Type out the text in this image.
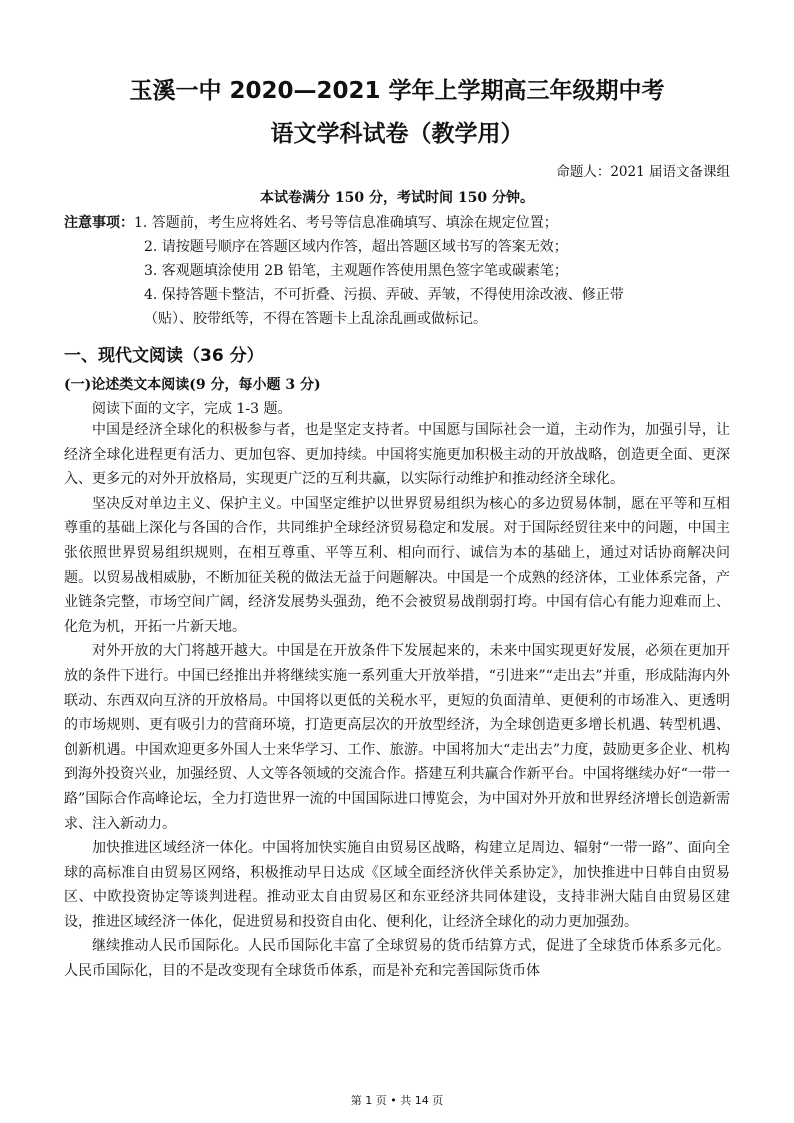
玉溪一中 2020—2021 学年上学期高三年级期中考
语文学科试卷（教学用）
命题人：2021 届语文备课组
本试卷满分 150 分，考试时间 150 分钟。
注意事项：1. 答题前，考生应将姓名、考号等信息准确填写、填涂在规定位置；
2. 请按题号顺序在答题区域内作答，超出答题区域书写的答案无效；
3. 客观题填涂使用 2B 铅笔，主观题作答使用黑色签字笔或碳素笔；
4. 保持答题卡整洁，不可折叠、污损、弄破、弄皱，不得使用涂改液、修正带
（贴）、胶带纸等，不得在答题卡上乱涂乱画或做标记。
一、现代文阅读（36 分）
(一)论述类文本阅读(9 分，每小题 3 分)
阅读下面的文字，完成 1-3 题。

中国是经济全球化的积极参与者，也是坚定支持者。中国愿与国际社会一道，主动作为，加强引导，让经济全球化进程更有活力、更加包容、更加持续。中国将实施更加积极主动的开放战略，创造更全面、更深入、更多元的对外开放格局，实现更广泛的互利共赢，以实际行动维护和推动经济全球化。

坚决反对单边主义、保护主义。中国坚定维护以世界贸易组织为核心的多边贸易体制，愿在平等和互相尊重的基础上深化与各国的合作，共同维护全球经济贸易稳定和发展。对于国际经贸往来中的问题，中国主张依照世界贸易组织规则，在相互尊重、平等互利、相向而行、诚信为本的基础上，通过对话协商解决问题。以贸易战相威胁，不断加征关税的做法无益于问题解决。中国是一个成熟的经济体，工业体系完备，产业链条完整，市场空间广阔，经济发展势头强劲，绝不会被贸易战削弱打垮。中国有信心有能力迎难而上、化危为机，开拓一片新天地。

对外开放的大门将越开越大。中国是在开放条件下发展起来的，未来中国实现更好发展，必须在更加开放的条件下进行。中国已经推出并将继续实施一系列重大开放举措，“引进来”“走出去”并重，形成陆海内外联动、东西双向互济的开放格局。中国将以更低的关税水平，更短的负面清单、更便利的市场准入、更透明的市场规则、更有吸引力的营商环境，打造更高层次的开放型经济，为全球创造更多增长机遇、转型机遇、创新机遇。中国欢迎更多外国人士来华学习、工作、旅游。中国将加大“走出去”力度，鼓励更多企业、机构到海外投资兴业，加强经贸、人文等各领域的交流合作。搭建互利共赢合作新平台。中国将继续办好“一带一路”国际合作高峰论坛，全力打造世界一流的中国国际进口博览会，为中国对外开放和世界经济增长创造新需求、注入新动力。

加快推进区域经济一体化。中国将加快实施自由贸易区战略，构建立足周边、辐射“一带一路”、面向全球的高标准自由贸易区网络，积极推动早日达成《区域全面经济伙伴关系协定》，加快推进中日韩自由贸易区、中欧投资协定等谈判进程。推动亚太自由贸易区和东亚经济共同体建设，支持非洲大陆自由贸易区建设，推进区域经济一体化，促进贸易和投资自由化、便利化，让经济全球化的动力更加强劲。

继续推动人民币国际化。人民币国际化丰富了全球贸易的货币结算方式，促进了全球货币体系多元化。人民币国际化，目的不是改变现有全球货币体系，而是补充和完善国际货币体

第 1 页 • 共 14 页
